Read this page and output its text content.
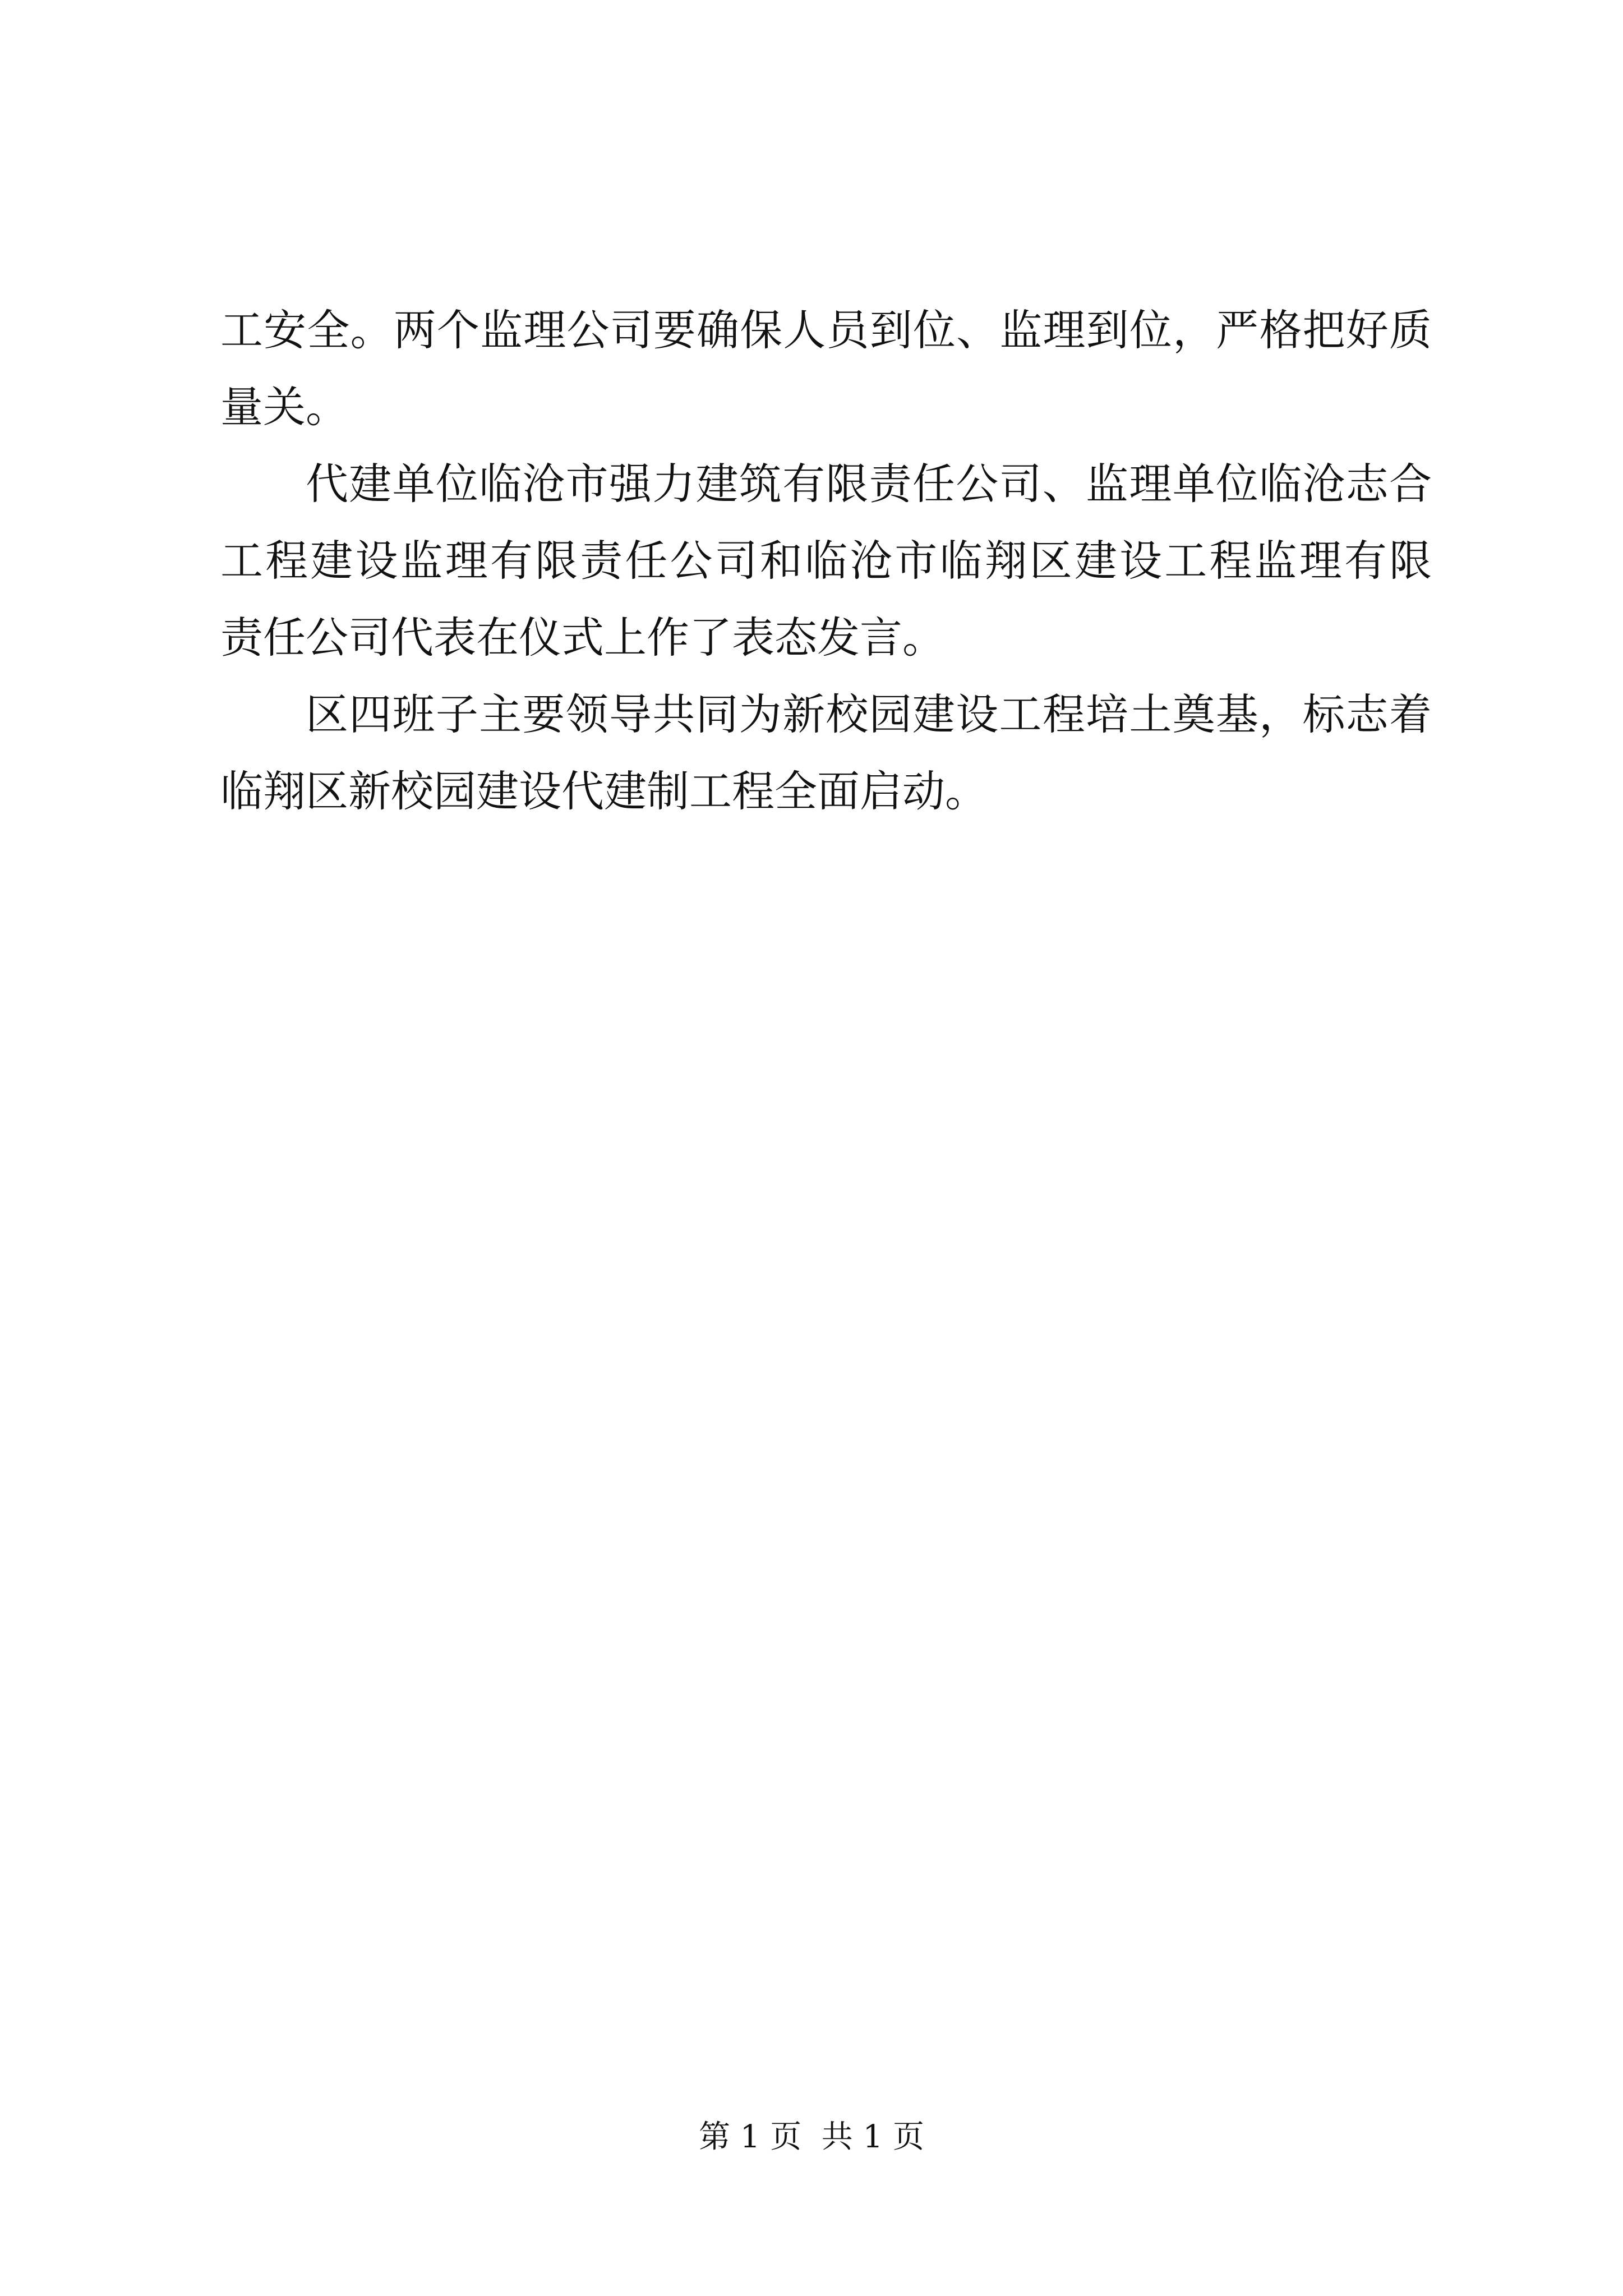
工安全。两个监理公司要确保人员到位、监理到位，严格把好质
量关。
代建单位临沧市强力建筑有限责任公司、监理单位临沧志合
工程建设监理有限责任公司和临沧市临翔区建设工程监理有限
责任公司代表在仪式上作了表态发言。
区四班子主要领导共同为新校园建设工程培土奠基，标志着
临翔区新校园建设代建制工程全面启动。
第 1 页  共 1 页
